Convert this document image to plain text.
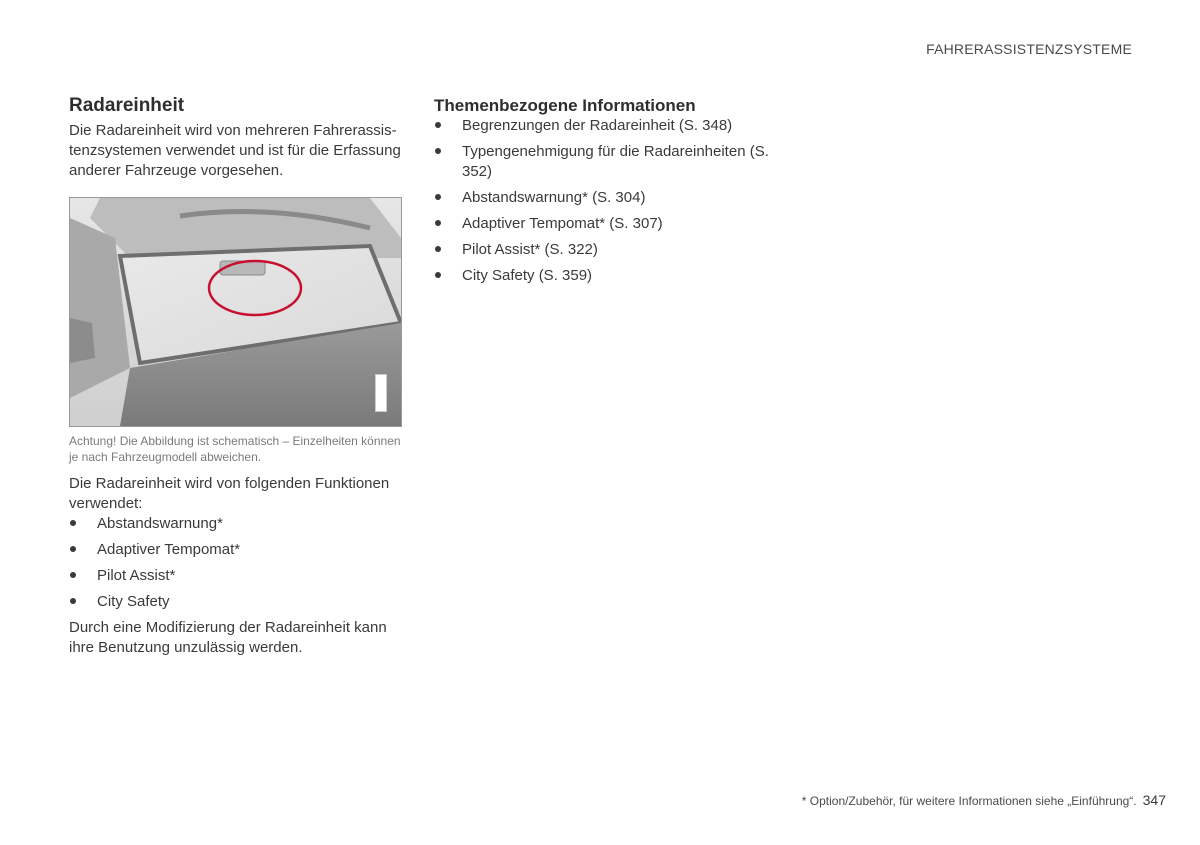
FAHRERASSISTENZSYSTEME
Radareinheit

Die Radareinheit wird von mehreren Fahrerassistenzsystemen verwendet und ist für die Erfassung anderer Fahrzeuge vorgesehen.

Achtung! Die Abbildung ist schematisch – Einzelheiten können je nach Fahrzeugmodell abweichen.

Die Radareinheit wird von folgenden Funktionen verwendet:

Abstandswarnung*
Adaptiver Tempomat*
Pilot Assist*
City Safety

Durch eine Modifizierung der Radareinheit kann ihre Benutzung unzulässig werden.

Themenbezogene Informationen
Begrenzungen der Radareinheit (S. 348)
Typengenehmigung für die Radareinheiten (S. 352)
Abstandswarnung* (S. 304)
Adaptiver Tempomat* (S. 307)
Pilot Assist* (S. 322)
City Safety (S. 359)
* Option/Zubehör, für weitere Informationen siehe „Einführung“. 347
